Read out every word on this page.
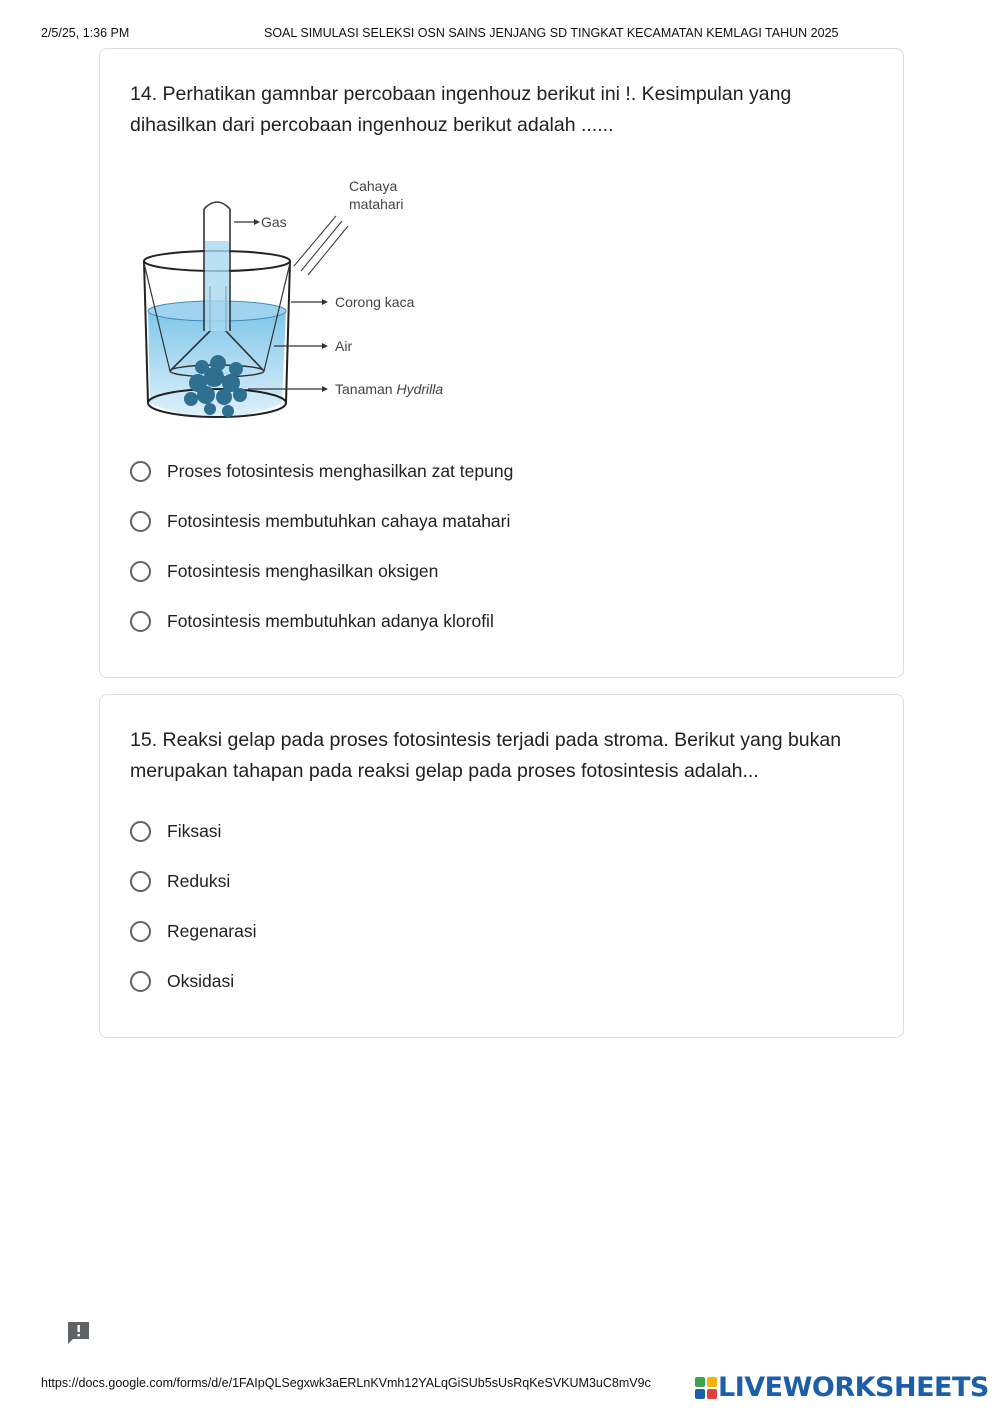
2/5/25, 1:36 PM	SOAL SIMULASI SELEKSI OSN SAINS JENJANG SD TINGKAT KECAMATAN KEMLAGI TAHUN 2025
14. Perhatikan gamnbar percobaan ingenhouz berikut ini !. Kesimpulan yang dihasilkan dari percobaan ingenhouz berikut adalah ......
Cahaya
matahari
Gas
Corong kaca
Air
Tanaman Hydrilla
Proses fotosintesis menghasilkan zat tepung
Fotosintesis membutuhkan cahaya matahari
Fotosintesis menghasilkan oksigen
Fotosintesis membutuhkan adanya klorofil
15. Reaksi gelap pada proses fotosintesis terjadi pada stroma. Berikut yang bukan merupakan tahapan pada reaksi gelap pada proses fotosintesis adalah...
Fiksasi
Reduksi
Regenarasi
Oksidasi
https://docs.google.com/forms/d/e/1FAIpQLSegxwk3aERLnKVmh12YALqGiSUb5sUsRqKeSVKUM3uC8mV9c LIVEWORKSHEETS
